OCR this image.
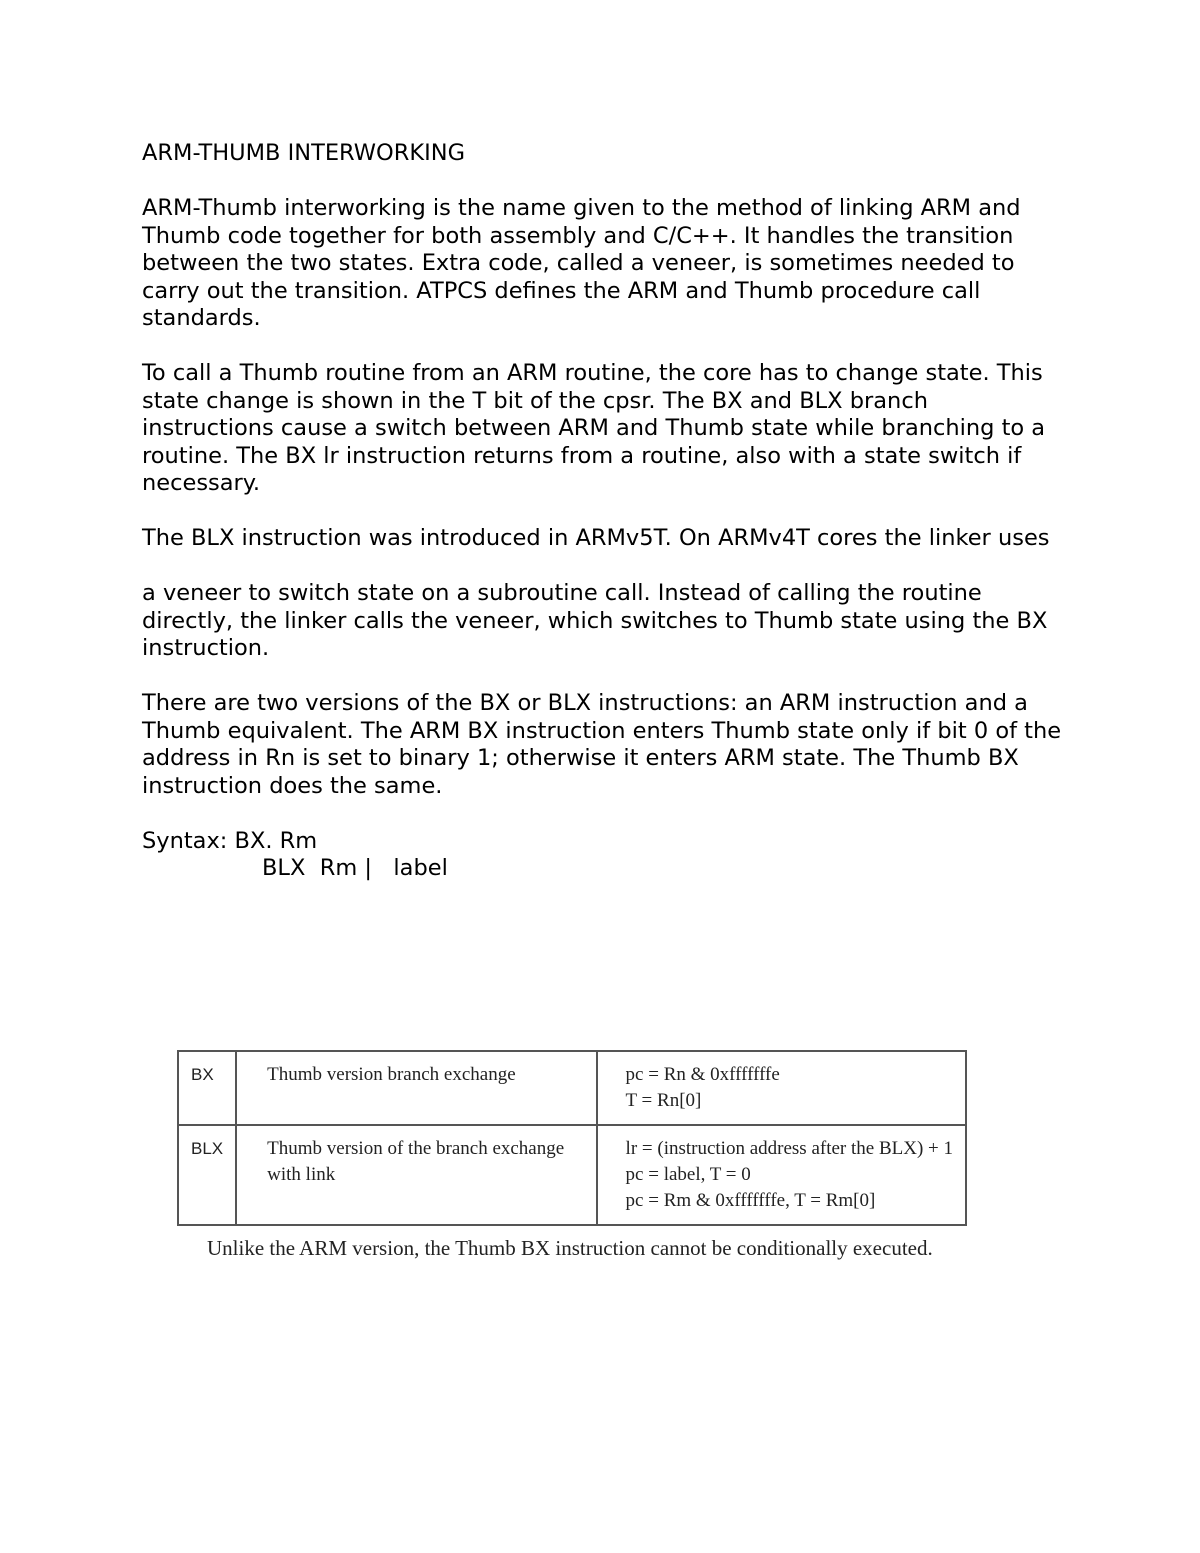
ARM-THUMB INTERWORKING

ARM-Thumb interworking is the name given to the method of linking ARM and Thumb code together for both assembly and C/C++. It handles the transition between the two states. Extra code, called a veneer, is sometimes needed to carry out the transition. ATPCS defines the ARM and Thumb procedure call standards.

To call a Thumb routine from an ARM routine, the core has to change state. This state change is shown in the T bit of the cpsr. The BX and BLX branch instructions cause a switch between ARM and Thumb state while branching to a routine. The BX lr instruction returns from a routine, also with a state switch if necessary.

The BLX instruction was introduced in ARMv5T. On ARMv4T cores the linker uses

a veneer to switch state on a subroutine call. Instead of calling the routine directly, the linker calls the veneer, which switches to Thumb state using the BX instruction.

There are two versions of the BX or BLX instructions: an ARM instruction and a Thumb equivalent. The ARM BX instruction enters Thumb state only if bit 0 of the address in Rn is set to binary 1; otherwise it enters ARM state. The Thumb BX instruction does the same.

Syntax: BX. Rm
BLX  Rm |   label

BX	Thumb version branch exchange	pc = Rn & 0xfffffffe
T = Rn[0]

BLX	Thumb version of the branch exchange with link	lr = (instruction address after the BLX) + 1
pc = label, T = 0
pc = Rm & 0xfffffffe, T = Rm[0]
Unlike the ARM version, the Thumb BX instruction cannot be conditionally executed.
